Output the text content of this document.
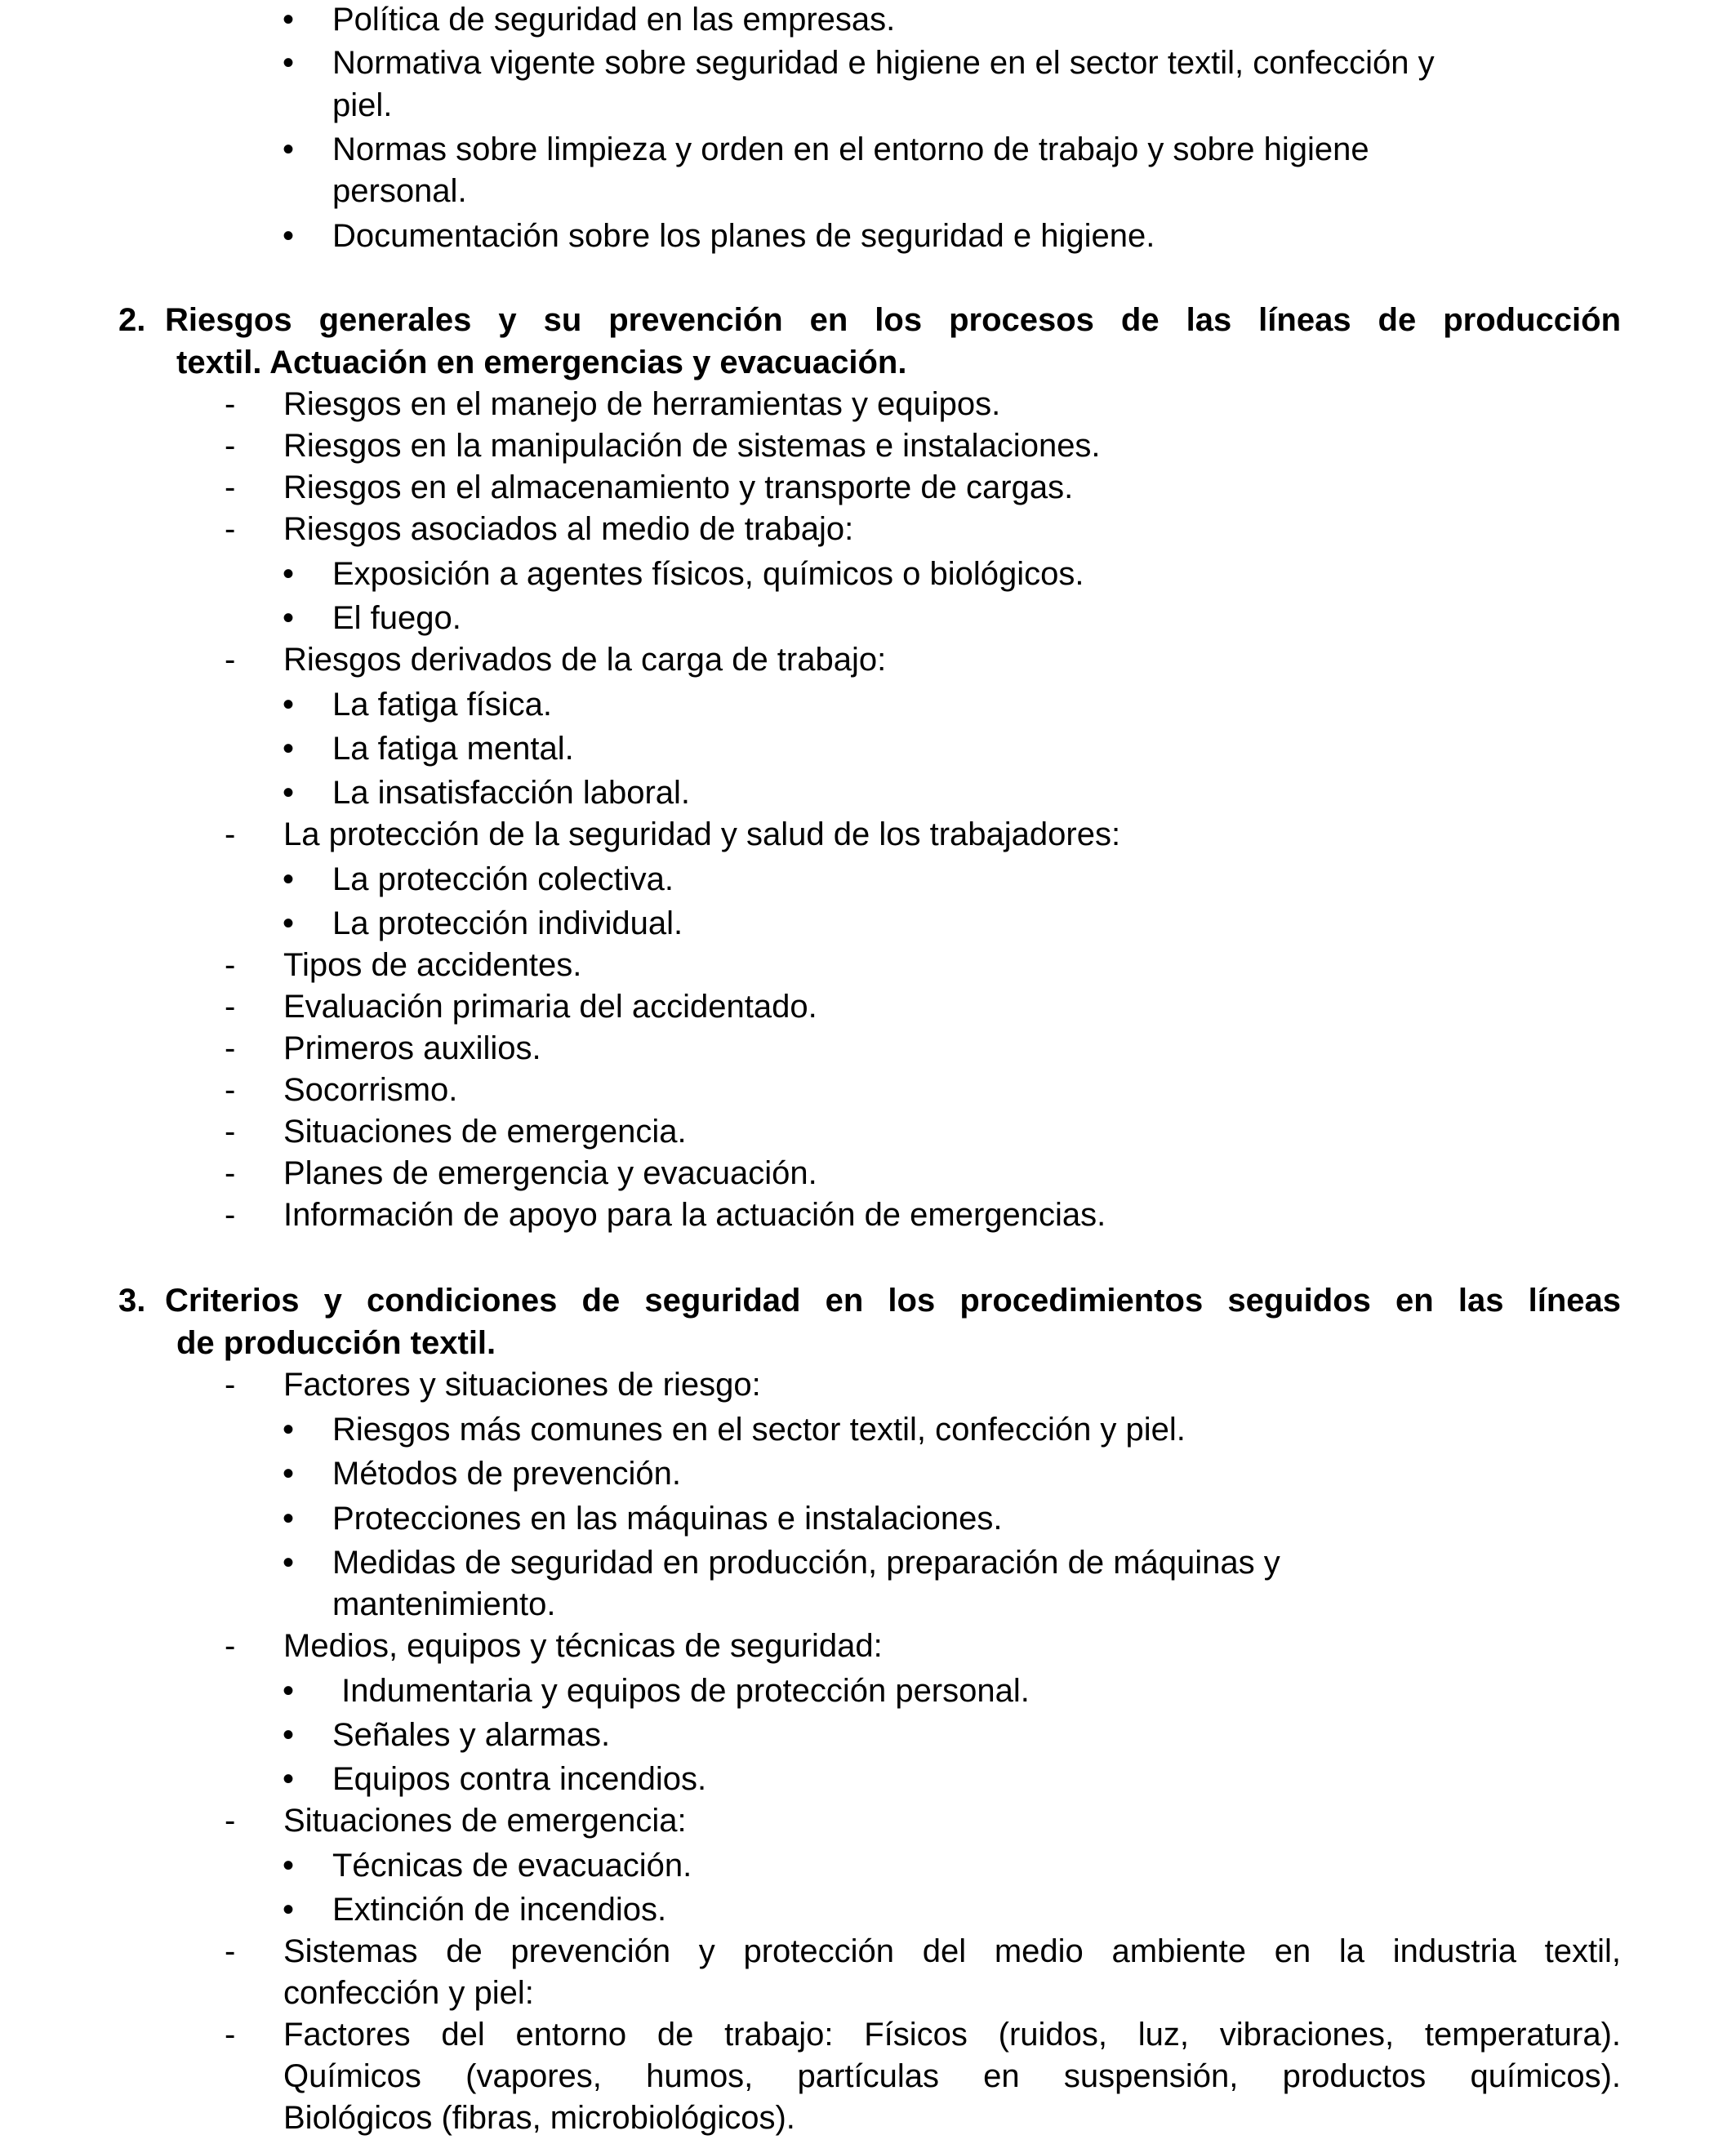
• Política de seguridad en las empresas.
• Normativa vigente sobre seguridad e higiene en el sector textil, confección y
piel.
• Normas sobre limpieza y orden en el entorno de trabajo y sobre higiene
personal.
• Documentación sobre los planes de seguridad e higiene.
2. Riesgos generales y su prevención en los procesos de las líneas de producción
textil. Actuación en emergencias y evacuación.
- Riesgos en el manejo de herramientas y equipos.
- Riesgos en la manipulación de sistemas e instalaciones.
- Riesgos en el almacenamiento y transporte de cargas.
- Riesgos asociados al medio de trabajo:
• Exposición a agentes físicos, químicos o biológicos.
• El fuego.
- Riesgos derivados de la carga de trabajo:
• La fatiga física.
• La fatiga mental.
• La insatisfacción laboral.
- La protección de la seguridad y salud de los trabajadores:
• La protección colectiva.
• La protección individual.
- Tipos de accidentes.
- Evaluación primaria del accidentado.
- Primeros auxilios.
- Socorrismo.
- Situaciones de emergencia.
- Planes de emergencia y evacuación.
- Información de apoyo para la actuación de emergencias.
3. Criterios y condiciones de seguridad en los procedimientos seguidos en las líneas
de producción textil.
- Factores y situaciones de riesgo:
• Riesgos más comunes en el sector textil, confección y piel.
• Métodos de prevención.
• Protecciones en las máquinas e instalaciones.
• Medidas de seguridad en producción, preparación de máquinas y
mantenimiento.
- Medios, equipos y técnicas de seguridad:
• Indumentaria y equipos de protección personal.
• Señales y alarmas.
• Equipos contra incendios.
- Situaciones de emergencia:
• Técnicas de evacuación.
• Extinción de incendios.
- Sistemas de prevención y protección del medio ambiente en la industria textil,
confección y piel:
- Factores del entorno de trabajo: Físicos (ruidos, luz, vibraciones, temperatura).
Químicos (vapores, humos, partículas en suspensión, productos químicos).
Biológicos (fibras, microbiológicos).
